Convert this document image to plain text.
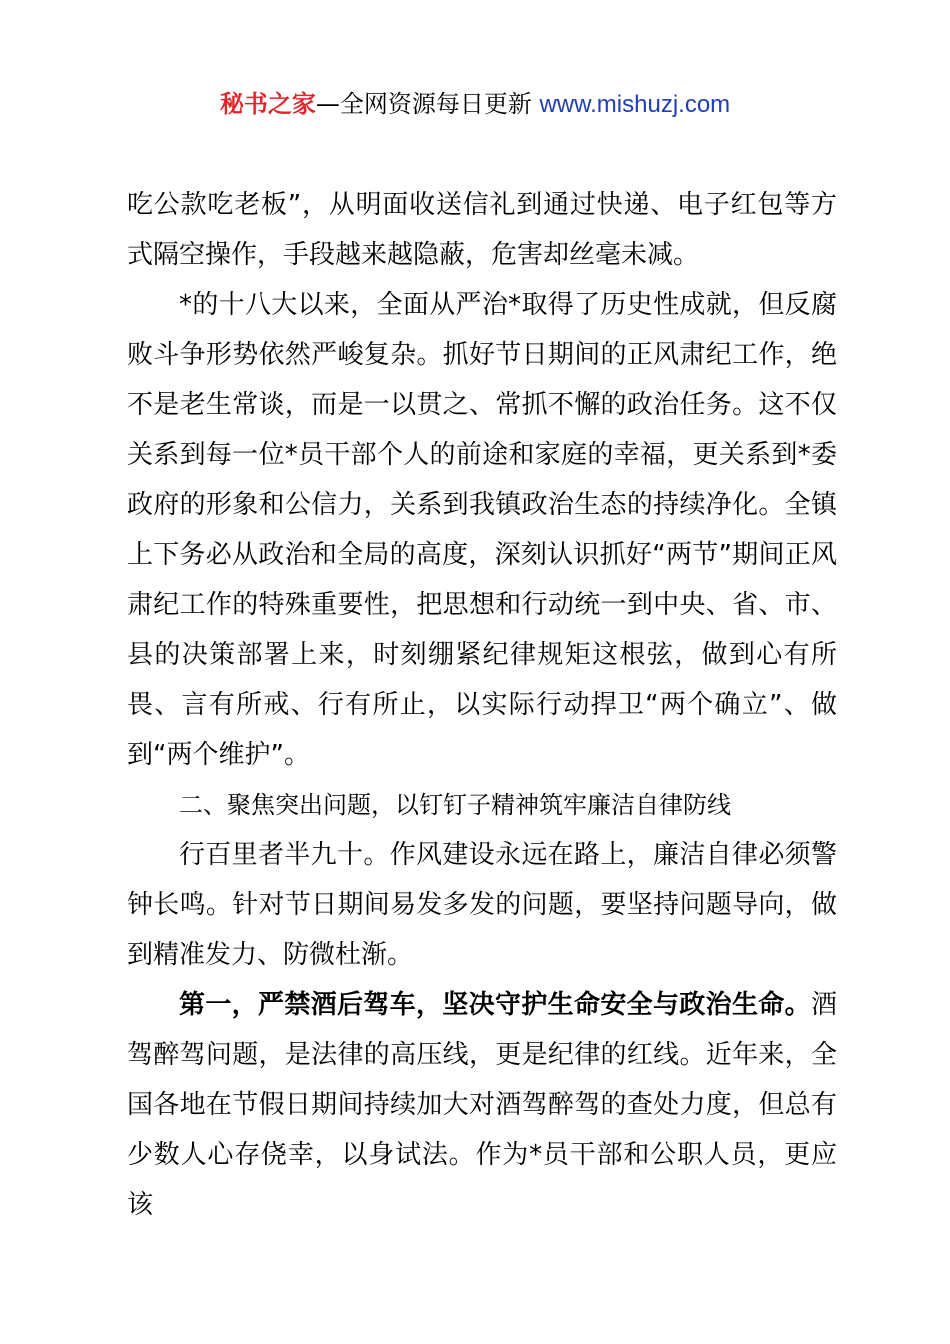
秘书之家—全网资源每日更新 www.mishuzj.com

吃公款吃老板”，从明面收送信礼到通过快递、电子红包等方式隔空操作，手段越来越隐蔽，危害却丝毫未减。

*的十八大以来，全面从严治*取得了历史性成就，但反腐败斗争形势依然严峻复杂。抓好节日期间的正风肃纪工作，绝不是老生常谈，而是一以贯之、常抓不懈的政治任务。这不仅关系到每一位*员干部个人的前途和家庭的幸福，更关系到*委政府的形象和公信力，关系到我镇政治生态的持续净化。全镇上下务必从政治和全局的高度，深刻认识抓好“两节”期间正风肃纪工作的特殊重要性，把思想和行动统一到中央、省、市、县的决策部署上来，时刻绷紧纪律规矩这根弦，做到心有所畏、言有所戒、行有所止，以实际行动捍卫“两个确立”、做到“两个维护”。

二、聚焦突出问题，以钉钉子精神筑牢廉洁自律防线

行百里者半九十。作风建设永远在路上，廉洁自律必须警钟长鸣。针对节日期间易发多发的问题，要坚持问题导向，做到精准发力、防微杜渐。

第一，严禁酒后驾车，坚决守护生命安全与政治生命。酒驾醉驾问题，是法律的高压线，更是纪律的红线。近年来，全国各地在节假日期间持续加大对酒驾醉驾的查处力度，但总有少数人心存侥幸，以身试法。作为*员干部和公职人员，更应该
